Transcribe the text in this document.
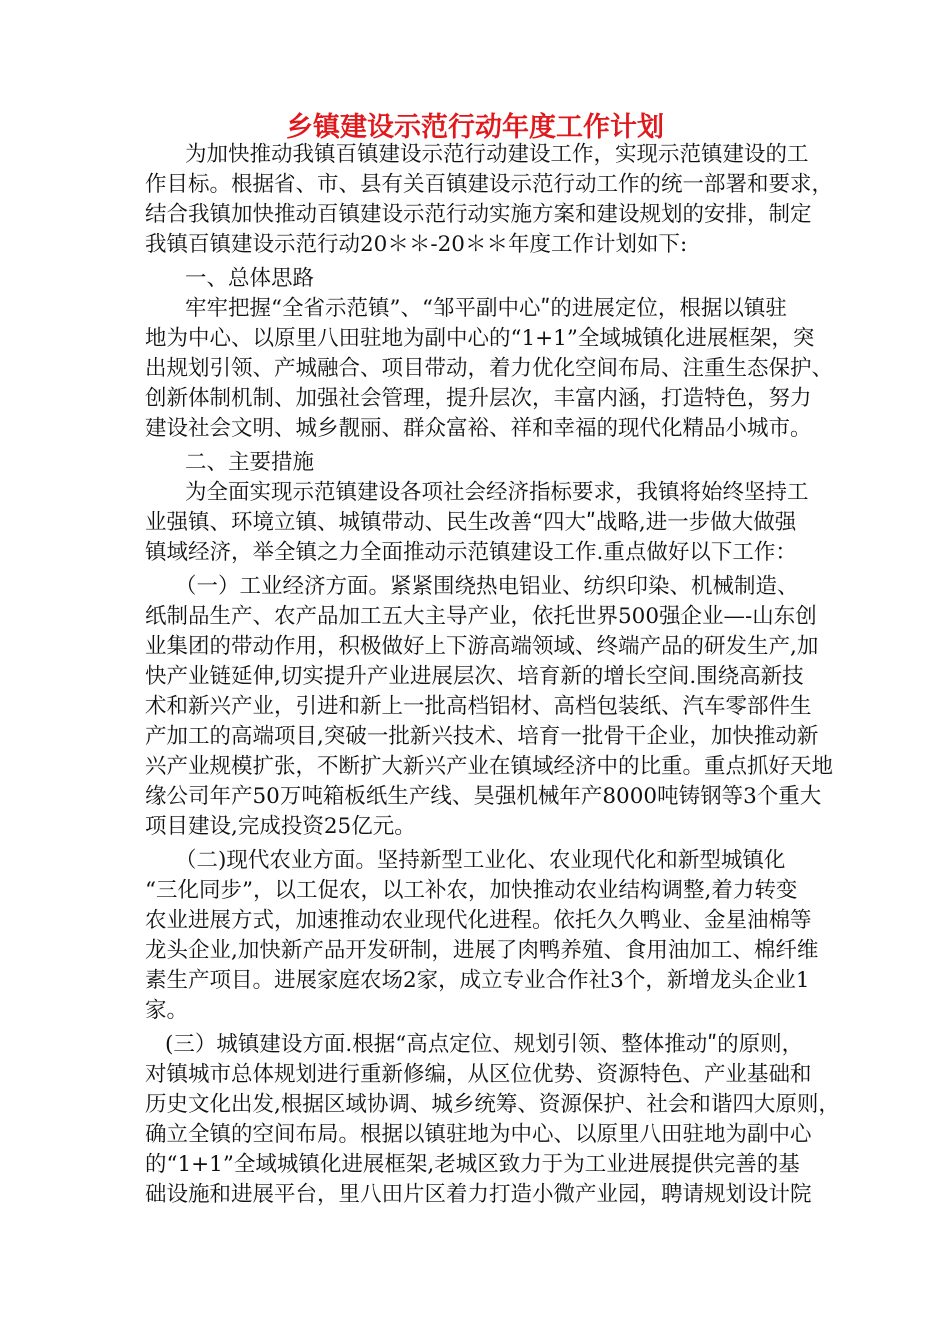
乡镇建设示范行动年度工作计划
为加快推动我镇百镇建设示范行动建设工作，实现示范镇建设的工
作目标。根据省、市、县有关百镇建设示范行动工作的统一部署和要求，
结合我镇加快推动百镇建设示范行动实施方案和建设规划的安排，制定
我镇百镇建设示范行动20＊＊-20＊＊年度工作计划如下:
一、总体思路
牢牢把握“全省示范镇”、“邹平副中心ʺ的进展定位，根据以镇驻
地为中心、以原里八田驻地为副中心的“1+1”全域城镇化进展框架，突
出规划引领、产城融合、项目带动，着力优化空间布局、注重生态保护、
创新体制机制、加强社会管理，提升层次，丰富内涵，打造特色，努力
建设社会文明、城乡靓丽、群众富裕、祥和幸福的现代化精品小城市。
二、主要措施
为全面实现示范镇建设各项社会经济指标要求，我镇将始终坚持工
业强镇、环境立镇、城镇带动、民生改善“四大ʺ战略,进一步做大做强
镇域经济，举全镇之力全面推动示范镇建设工作.重点做好以下工作：
（一）工业经济方面。紧紧围绕热电铝业、纺织印染、机械制造、
纸制品生产、农产品加工五大主导产业，依托世界500强企业—-山东创
业集团的带动作用，积极做好上下游高端领域、终端产品的研发生产,加
快产业链延伸,切实提升产业进展层次、培育新的增长空间.围绕高新技
术和新兴产业，引进和新上一批高档铝材、高档包装纸、汽车零部件生
产加工的高端项目,突破一批新兴技术、培育一批骨干企业，加快推动新
兴产业规模扩张，不断扩大新兴产业在镇域经济中的比重。重点抓好天地
缘公司年产50万吨箱板纸生产线、昊强机械年产8000吨铸钢等3个重大
项目建设,完成投资25亿元。
（二)现代农业方面。坚持新型工业化、农业现代化和新型城镇化
“三化同步”，以工促农，以工补农，加快推动农业结构调整,着力转变
农业进展方式，加速推动农业现代化进程。依托久久鸭业、金星油棉等
龙头企业,加快新产品开发研制，进展了肉鸭养殖、食用油加工、棉纤维
素生产项目。进展家庭农场2家，成立专业合作社3个，新增龙头企业1
家。
(三）城镇建设方面.根据“高点定位、规划引领、整体推动ʺ的原则，
对镇城市总体规划进行重新修编，从区位优势、资源特色、产业基础和
历史文化出发,根据区域协调、城乡统筹、资源保护、社会和谐四大原则，
确立全镇的空间布局。根据以镇驻地为中心、以原里八田驻地为副中心
的“1+1”全域城镇化进展框架,老城区致力于为工业进展提供完善的基
础设施和进展平台，里八田片区着力打造小微产业园，聘请规划设计院
